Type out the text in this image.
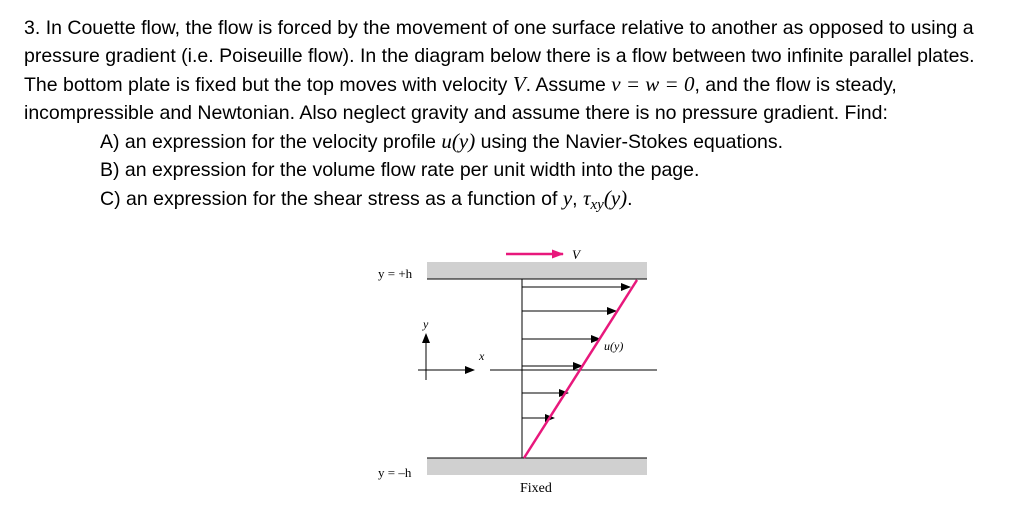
3. In Couette flow, the flow is forced by the movement of one surface relative to another as opposed to using a pressure gradient (i.e. Poiseuille flow). In the diagram below there is a flow between two infinite parallel plates. The bottom plate is fixed but the top moves with velocity V. Assume v = w = 0, and the flow is steady, incompressible and Newtonian. Also neglect gravity and assume there is no pressure gradient. Find:

A) an expression for the velocity profile u(y) using the Navier-Stokes equations.

B) an expression for the volume flow rate per unit width into the page.

C) an expression for the shear stress as a function of y, $\tau_{xy}(y)$.

V
y = +h
y = –h
y
x
u(y)
Fixed
